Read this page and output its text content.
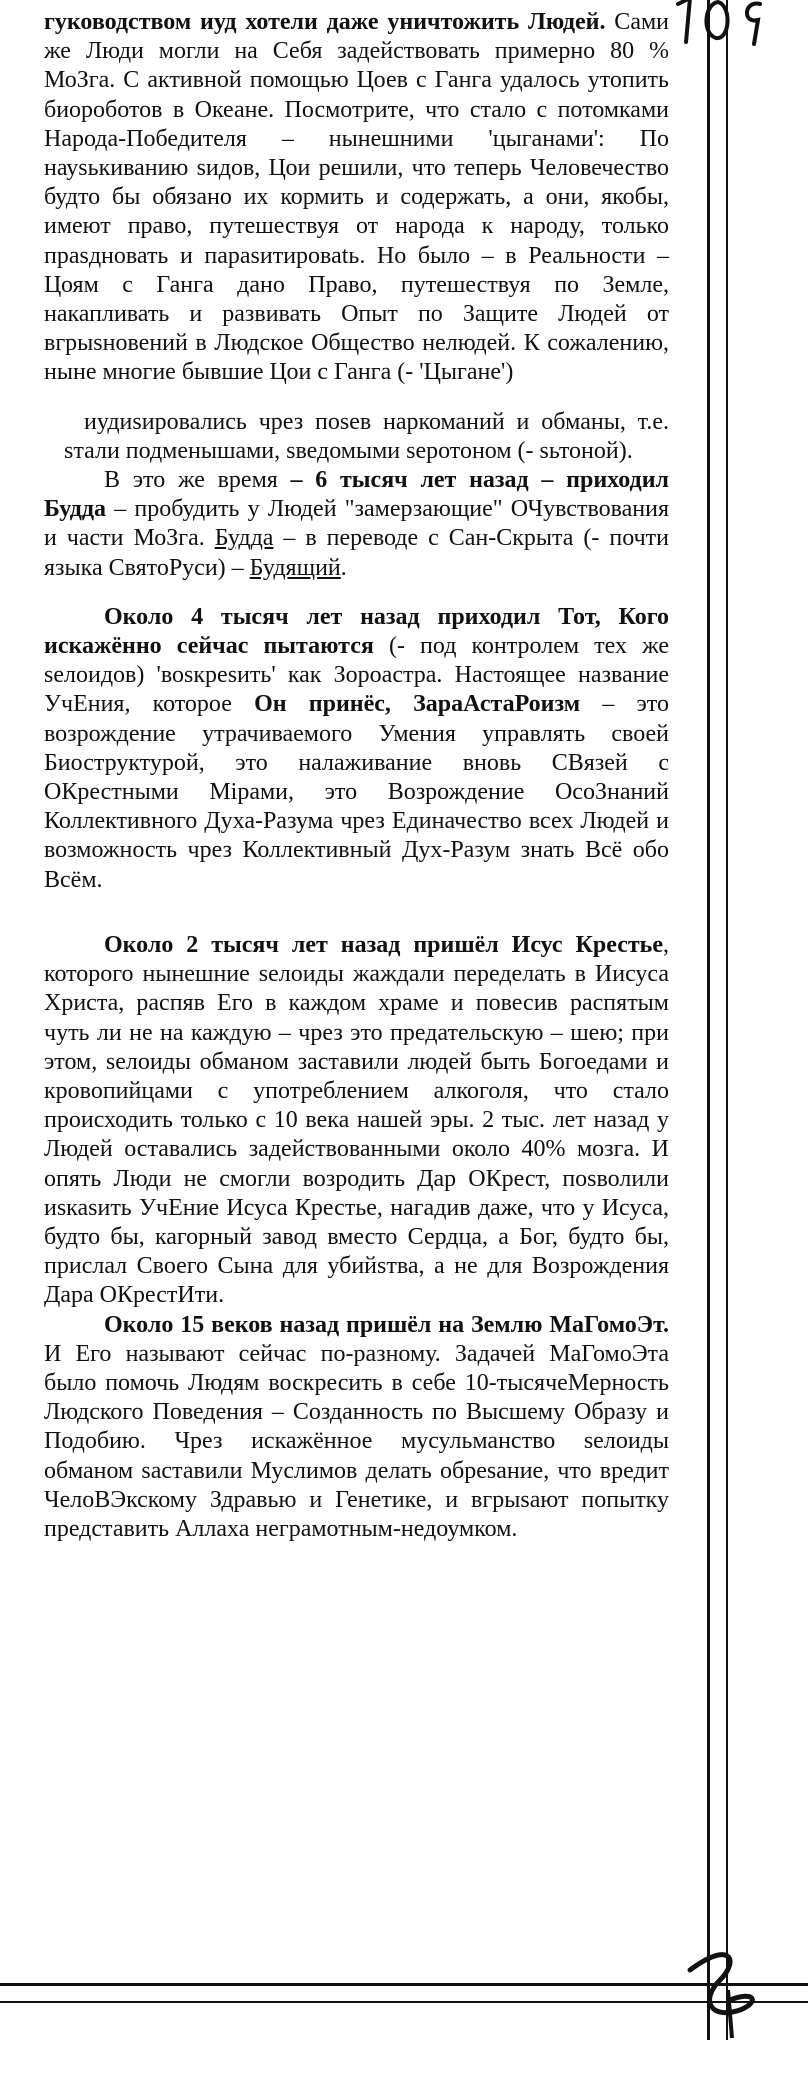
гуководством иуд хотели даже уничтожить Людей. Сами же Люди могли на Себя задействовать примерно 80 % МоЗга. С активной помощью Цоев с Ганга удалось утопить биороботов в Океане. Посмотрите, что стало с потомками Народа-Победителя – нынешними 'цыганами': По науsькиванию sидов, Цои решили, что теперь Человечество будто бы обязано их кормить и содержать, а они, якобы, имеют право, путешествуя от народа к народу, только праsдновать и параsитироваtь. Но было – в Реальности – Цоям с Ганга дано Право, путешествуя по Земле, накапливать и развивать Опыт по Защите Людей от вгрыsновений в Людское Общество нелюдей. К сожалению, ныне многие бывшие Цои с Ганга (- 'Цыгане')

иудиsировались чрез поsев наркоманий и обманы, т.е. sтали подменышами, sведомыми sеротоном (- sьтоной).

В это же время – 6 тысяч лет назад – приходил Будда – пробудить у Людей "замерзающие" ОЧувствования и части МоЗга. Будда – в переводе с Сан-Скрыта (- почти языка СвятоРуси) – Будящий.

Около 4 тысяч лет назад приходил Тот, Кого искажённо сейчас пытаются (- под контролем тех же sелоидов) 'воsкреsить' как Зороастра. Настоящее название УчЕния, которое Он принёс, ЗараАстаРоизм – это возрождение утрачиваемого Умения управлять своей Биоструктурой, это налаживание вновь СВязей с ОКрестными Мiрами, это Возрождение ОсоЗнаний Коллективного Духа-Разума чрез Единачество всех Людей и возможность чрез Коллективный Дух-Разум знать Всё обо Всём.

Около 2 тысяч лет назад пришёл Исус Крестье, которого нынешние sелоиды жаждали переделать в Иисуса Христа, распяв Его в каждом храме и повесив распятым чуть ли не на каждую – чрез это предательскую – шею; при этом, sелоиды обманом заставили людей быть Богоедами и кровопийцами с употреблением алкоголя, что стало происходить только с 10 века нашей эры. 2 тыс. лет назад у Людей оставались задействованными около 40% мозга. И опять Люди не смогли возродить Дар ОКрест, поsволили иsкаsить УчЕние Исуса Крестье, нагадив даже, что у Исуса, будто бы, кагорный завод вместо Сердца, а Бог, будто бы, прислал Своего Сына для убийsтва, а не для Возрождения Дара ОКрестИти.

Около 15 веков назад пришёл на Землю МаГомоЭт. И Его называют сейчас по-разному. Задачей МаГомоЭта было помочь Людям воскресить в себе 10-тысячеМерность Людского Поведения – Созданность по Высшему Образу и Подобию. Чрез искажённое мусульманство sелоиды обманом sаставили Муслимов делать обреsание, что вредит ЧелоВЭкскому Здравью и Генетике, и вгрыsают попытку представить Аллаха неграмотным-недоумком.
